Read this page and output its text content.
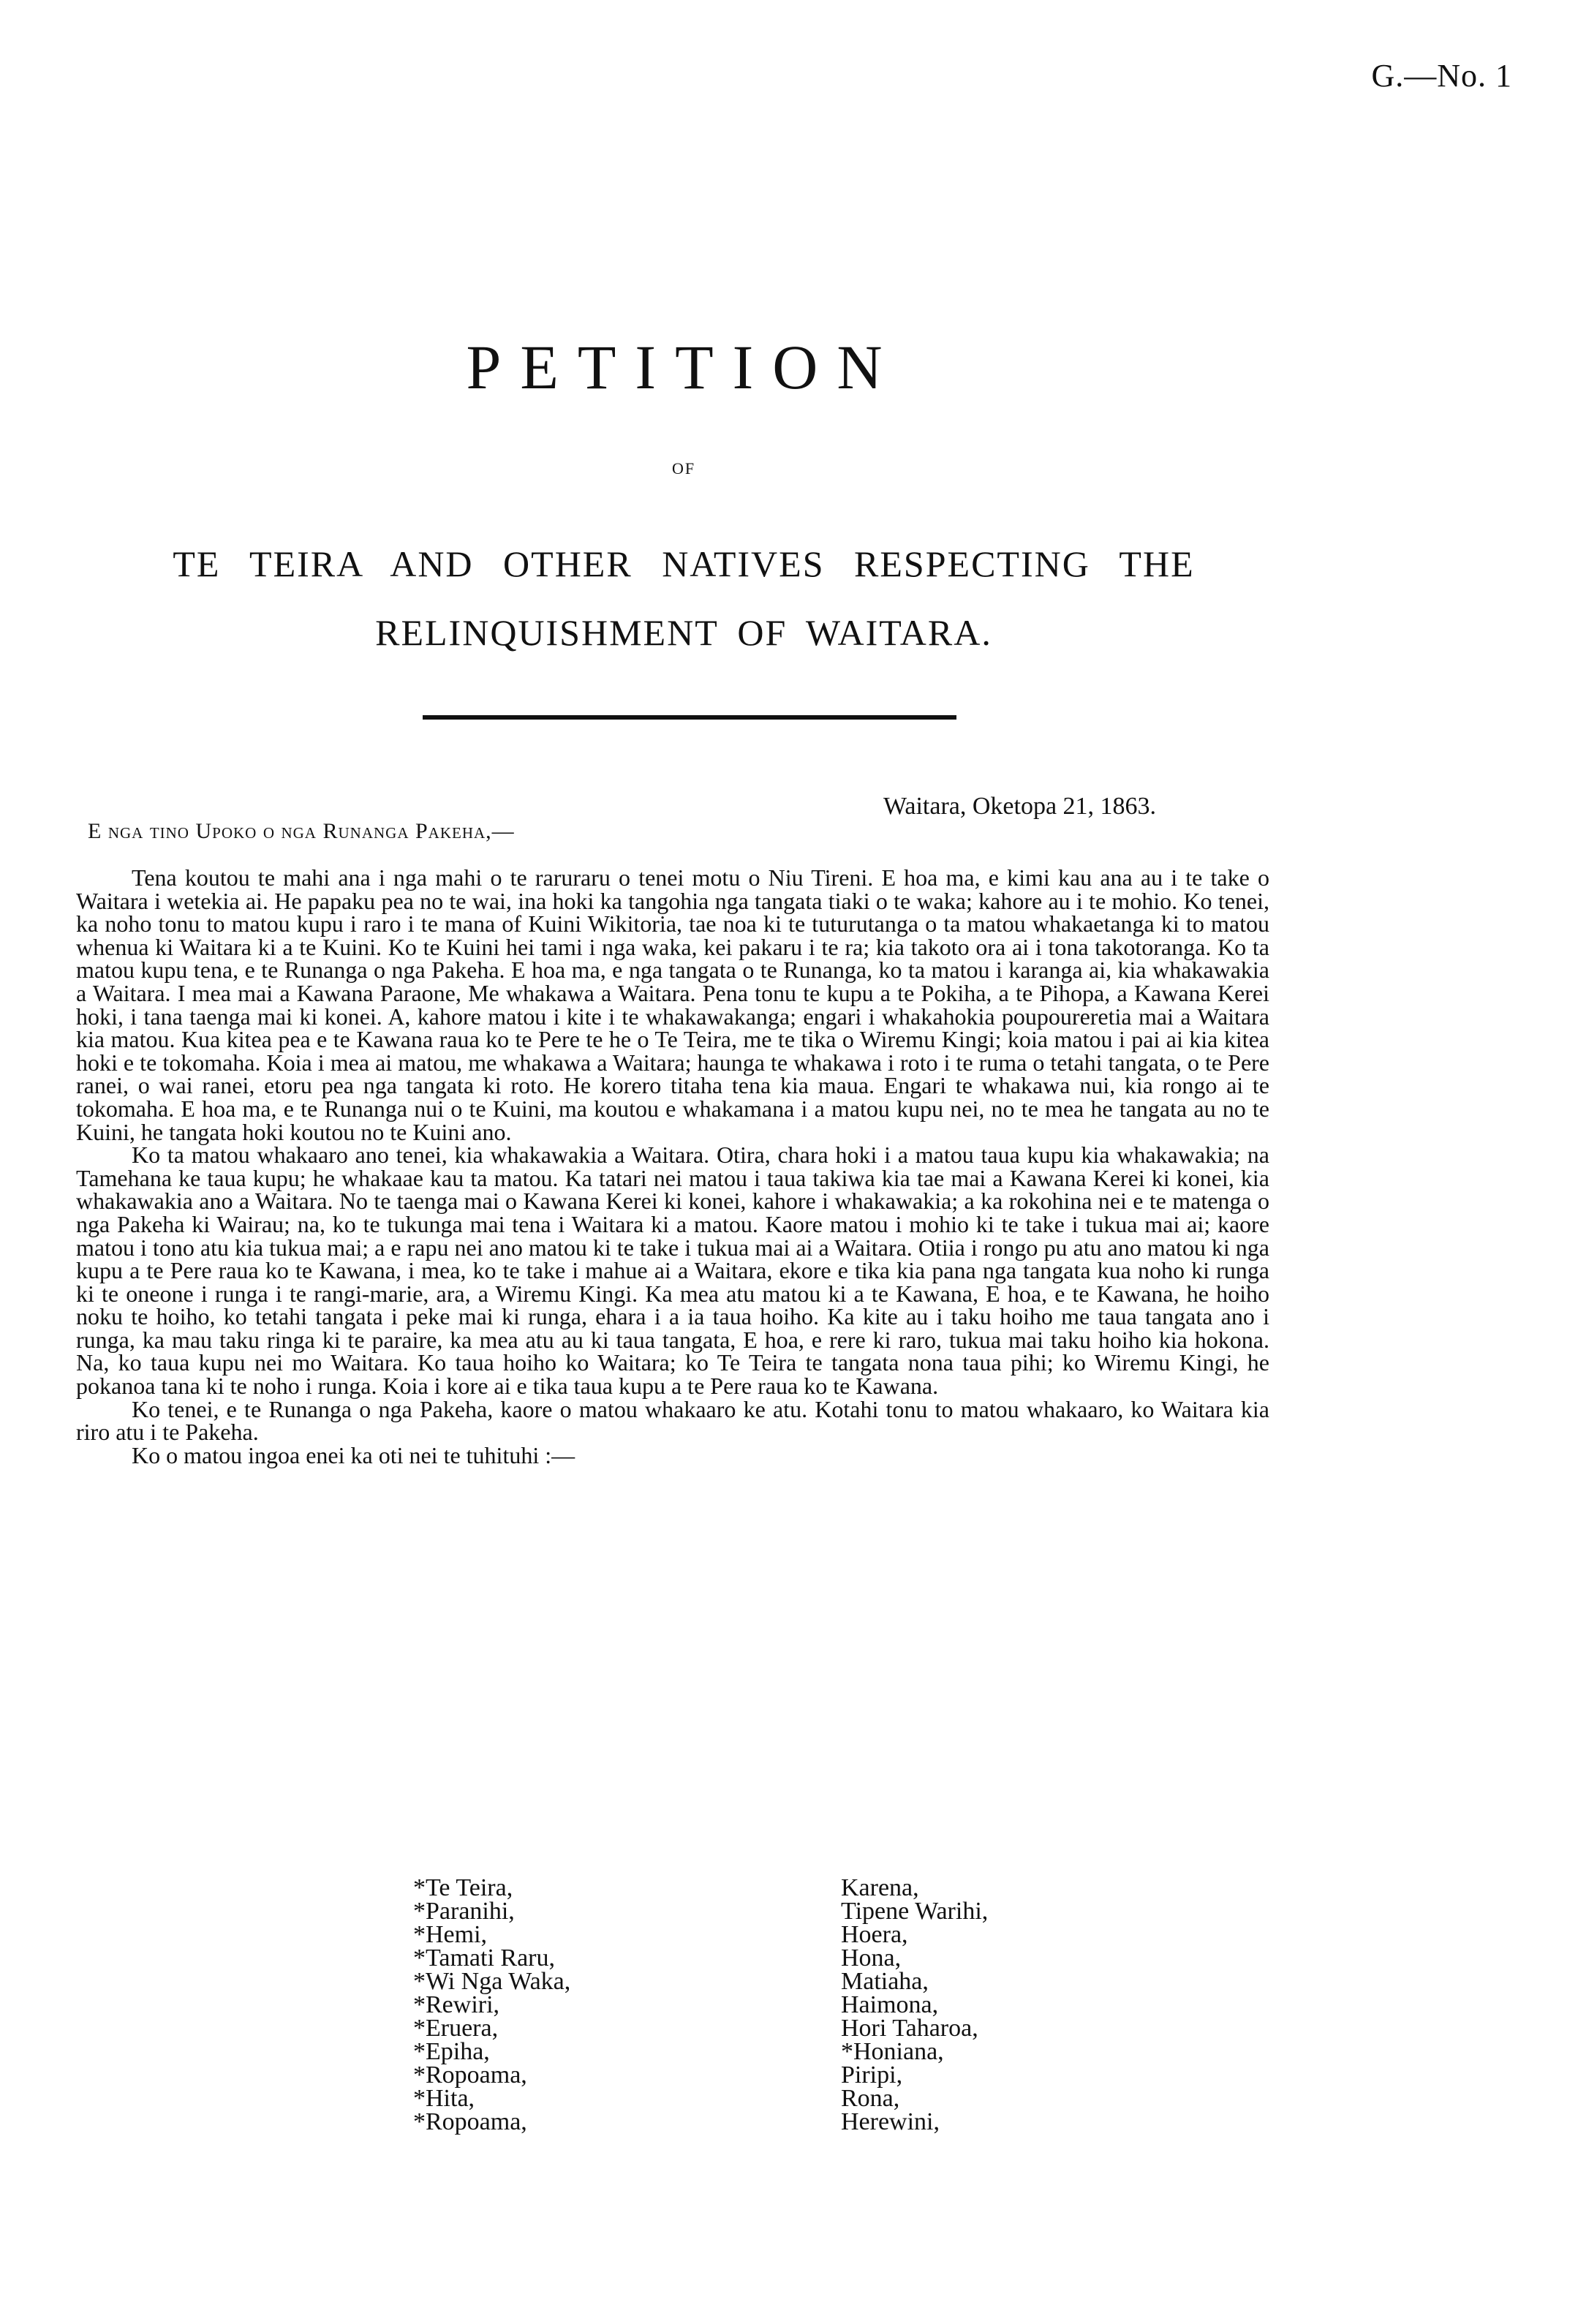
G.—No. 1
PETITION
OF
TE TEIRA AND OTHER NATIVES RESPECTING THE
RELINQUISHMENT OF WAITARA.
Waitara, Oketopa 21, 1863.
E nga tino Upoko o nga Runanga Pakeha,—

Tena koutou te mahi ana i nga mahi o te raruraru o tenei motu o Niu Tireni. E hoa ma, e kimi kau ana au i te take o Waitara i wetekia ai. He papaku pea no te wai, ina hoki ka tangohia nga tangata tiaki o te waka; kahore au i te mohio. Ko tenei, ka noho tonu to matou kupu i raro i te mana of Kuini Wikitoria, tae noa ki te tuturutanga o ta matou whakaetanga ki to matou whenua ki Waitara ki a te Kuini. Ko te Kuini hei tami i nga waka, kei pakaru i te ra; kia takoto ora ai i tona takotoranga. Ko ta matou kupu tena, e te Runanga o nga Pakeha. E hoa ma, e nga tangata o te Runanga, ko ta matou i karanga ai, kia whakawakia a Waitara. I mea mai a Kawana Paraone, Me whakawa a Waitara. Pena tonu te kupu a te Pokiha, a te Pihopa, a Kawana Kerei hoki, i tana taenga mai ki konei. A, kahore matou i kite i te whakawakanga; engari i whakahokia poupoureretia mai a Waitara kia matou. Kua kitea pea e te Kawana raua ko te Pere te he o Te Teira, me te tika o Wiremu Kingi; koia matou i pai ai kia kitea hoki e te tokomaha. Koia i mea ai matou, me whakawa a Waitara; haunga te whakawa i roto i te ruma o tetahi tangata, o te Pere ranei, o wai ranei, etoru pea nga tangata ki roto. He korero titaha tena kia maua. Engari te whakawa nui, kia rongo ai te tokomaha. E hoa ma, e te Runanga nui o te Kuini, ma koutou e whakamana i a matou kupu nei, no te mea he tangata au no te Kuini, he tangata hoki koutou no te Kuini ano.

Ko ta matou whakaaro ano tenei, kia whakawakia a Waitara. Otira, chara hoki i a matou taua kupu kia whakawakia; na Tamehana ke taua kupu; he whakaae kau ta matou. Ka tatari nei matou i taua takiwa kia tae mai a Kawana Kerei ki konei, kia whakawakia ano a Waitara. No te taenga mai o Kawana Kerei ki konei, kahore i whakawakia; a ka rokohina nei e te matenga o nga Pakeha ki Wairau; na, ko te tukunga mai tena i Waitara ki a matou. Kaore matou i mohio ki te take i tukua mai ai; kaore matou i tono atu kia tukua mai; a e rapu nei ano matou ki te take i tukua mai ai a Waitara. Otiia i rongo pu atu ano matou ki nga kupu a te Pere raua ko te Kawana, i mea, ko te take i mahue ai a Waitara, ekore e tika kia pana nga tangata kua noho ki runga ki te oneone i runga i te rangi-marie, ara, a Wiremu Kingi. Ka mea atu matou ki a te Kawana, E hoa, e te Kawana, he hoiho noku te hoiho, ko tetahi tangata i peke mai ki runga, ehara i a ia taua hoiho. Ka kite au i taku hoiho me taua tangata ano i runga, ka mau taku ringa ki te paraire, ka mea atu au ki taua tangata, E hoa, e rere ki raro, tukua mai taku hoiho kia hokona. Na, ko taua kupu nei mo Waitara. Ko taua hoiho ko Waitara; ko Te Teira te tangata nona taua pihi; ko Wiremu Kingi, he pokanoa tana ki te noho i runga. Koia i kore ai e tika taua kupu a te Pere raua ko te Kawana.

Ko tenei, e te Runanga o nga Pakeha, kaore o matou whakaaro ke atu. Kotahi tonu to matou whakaaro, ko Waitara kia riro atu i te Pakeha.

Ko o matou ingoa enei ka oti nei te tuhituhi :—

*Te Teira,
*Paranihi,
*Hemi,
*Tamati Raru,
*Wi Nga Waka,
*Rewiri,
*Eruera,
*Epiha,
*Ropoama,
*Hita,
*Ropoama,
Karena,
Tipene Warihi,
Hoera,
Hona,
Matiaha,
Haimona,
Hori Taharoa,
*Honiana,
Piripi,
Rona,
Herewini,
